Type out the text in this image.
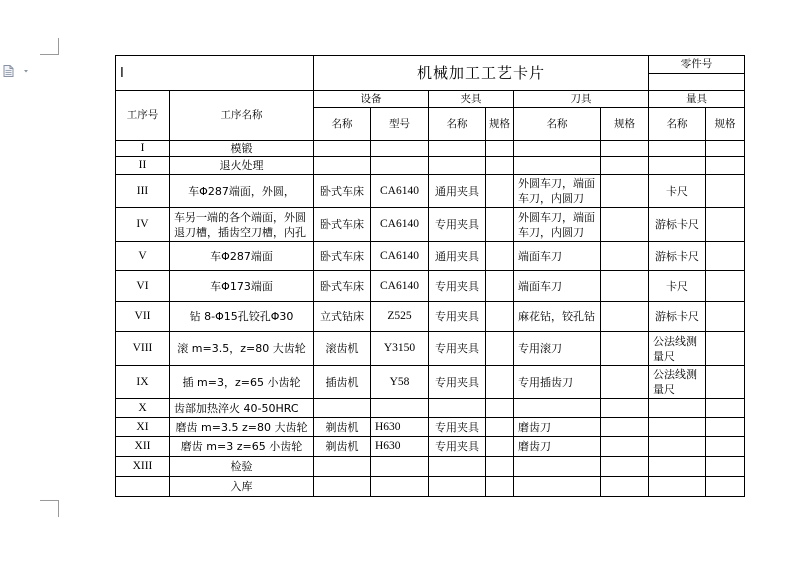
I		机械加工工艺卡片						零件号	

工序号	工序名称	设备		夹具		刀具		量具	
		名称	型号	名称	规格	名称	规格	名称	规格
I	模锻								
II	退火处理								
III	车Φ287端面，外圆，	卧式车床	CA6140	通用夹具		外圆车刀，端面车刀，内圆刀		卡尺	
IV	车另一端的各个端面，外圆退刀槽，插齿空刀槽，内孔	卧式车床	CA6140	专用夹具		外圆车刀，端面车刀，内圆刀		游标卡尺	
V	车Φ287端面	卧式车床	CA6140	通用夹具		端面车刀		游标卡尺	
VI	车Φ173端面	卧式车床	CA6140	专用夹具		端面车刀		卡尺	
VII	钻 8-Φ15孔铰孔Φ30	立式钻床	Z525	专用夹具		麻花钻，铰孔钻		游标卡尺	
VIII	滚 m=3.5，z=80 大齿轮	滚齿机	Y3150	专用夹具		专用滚刀		公法线测量尺	
IX	插 m=3，z=65 小齿轮	插齿机	Y58	专用夹具		专用插齿刀		公法线测量尺	
X	齿部加热淬火 40-50HRC								
XI	磨齿 m=3.5 z=80 大齿轮	剃齿机	H630	专用夹具		磨齿刀			
XII	磨齿 m=3 z=65 小齿轮	剃齿机	H630	专用夹具		磨齿刀			
XIII	检验								
	入库								
